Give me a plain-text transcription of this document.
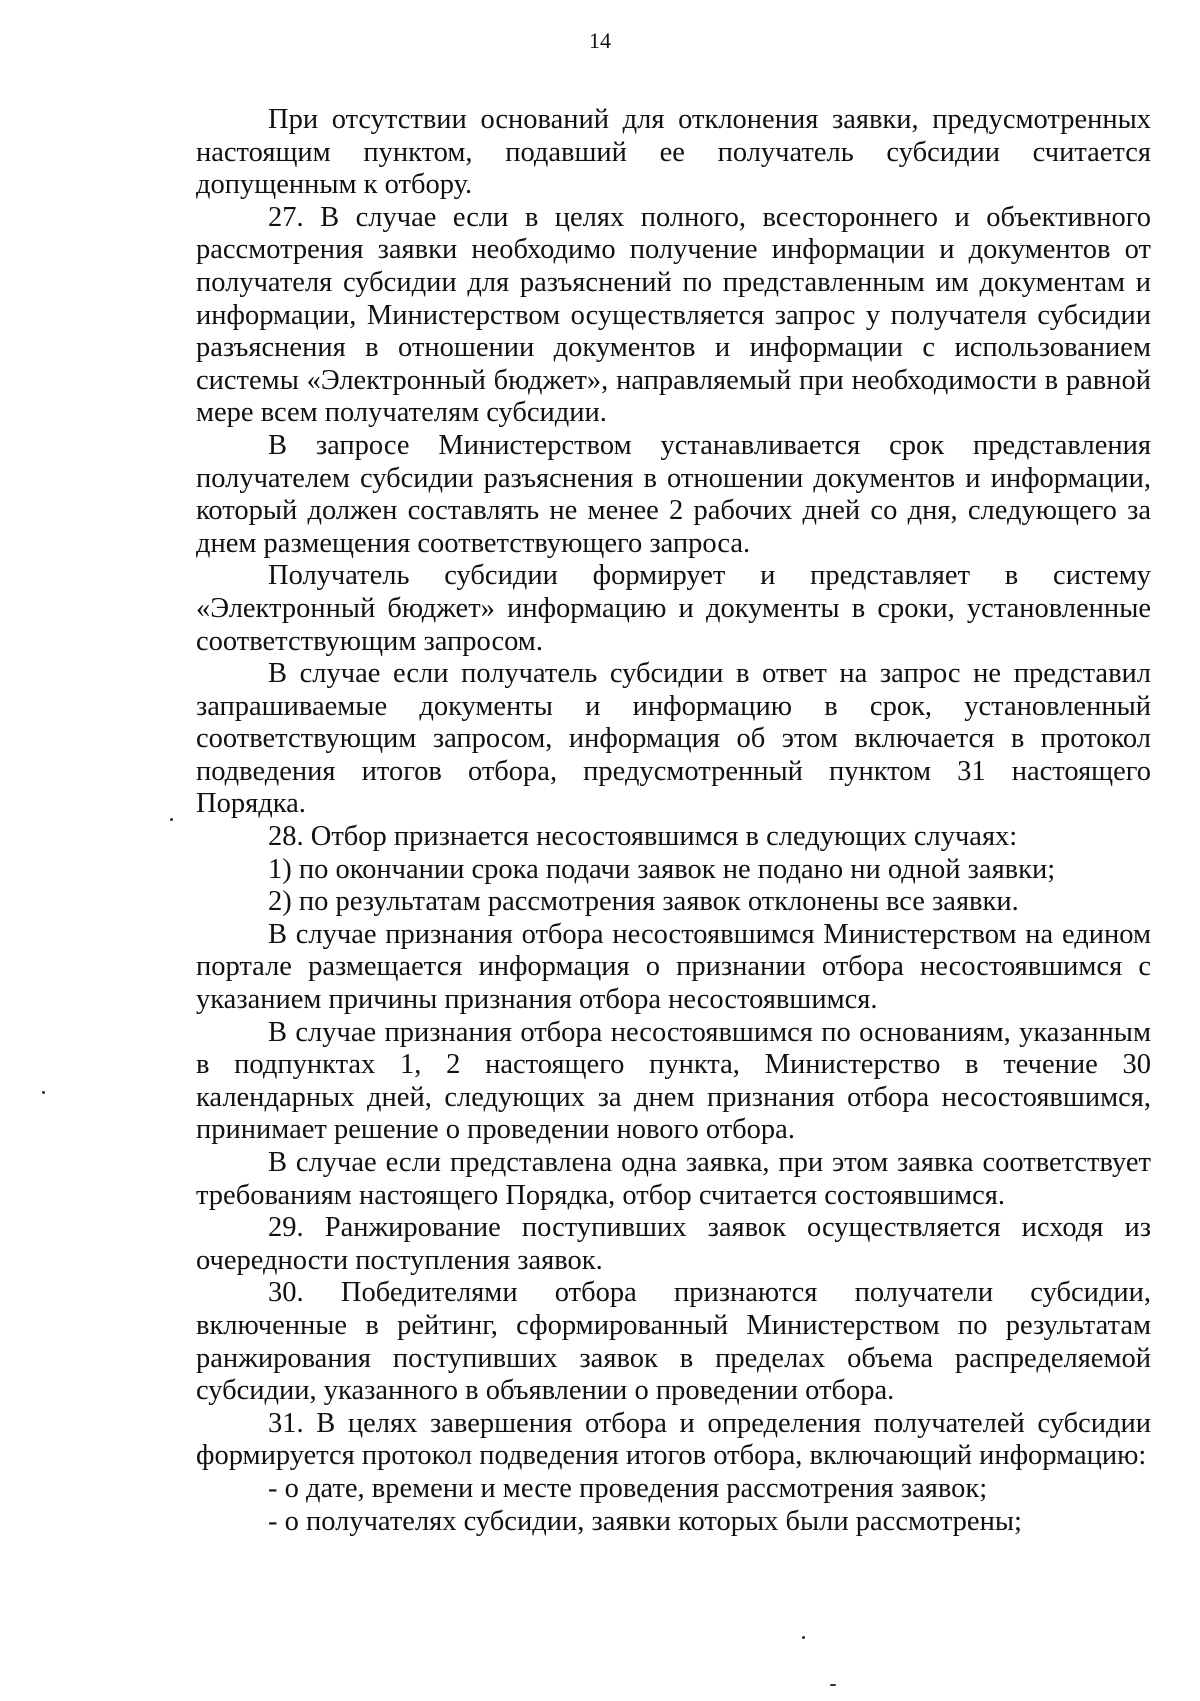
14

При отсутствии оснований для отклонения заявки, предусмотренных настоящим пунктом, подавший ее получатель субсидии считается допущенным к отбору.

27. В случае если в целях полного, всестороннего и объективного рассмотрения заявки необходимо получение информации и документов от получателя субсидии для разъяснений по представленным им документам и информации, Министерством осуществляется запрос у получателя субсидии разъяснения в отношении документов и информации с использованием системы «Электронный бюджет», направляемый при необходимости в равной мере всем получателям субсидии.

В запросе Министерством устанавливается срок представления получателем субсидии разъяснения в отношении документов и информации, который должен составлять не менее 2 рабочих дней со дня, следующего за днем размещения соответствующего запроса.

Получатель субсидии формирует и представляет в систему «Электронный бюджет» информацию и документы в сроки, установленные соответствующим запросом.

В случае если получатель субсидии в ответ на запрос не представил запрашиваемые документы и информацию в срок, установленный соответствующим запросом, информация об этом включается в протокол подведения итогов отбора, предусмотренный пунктом 31 настоящего Порядка.

28. Отбор признается несостоявшимся в следующих случаях:

1) по окончании срока подачи заявок не подано ни одной заявки;

2) по результатам рассмотрения заявок отклонены все заявки.

В случае признания отбора несостоявшимся Министерством на едином портале размещается информация о признании отбора несостоявшимся с указанием причины признания отбора несостоявшимся.

В случае признания отбора несостоявшимся по основаниям, указанным в подпунктах 1, 2 настоящего пункта, Министерство в течение 30 календарных дней, следующих за днем признания отбора несостоявшимся, принимает решение о проведении нового отбора.

В случае если представлена одна заявка, при этом заявка соответствует требованиям настоящего Порядка, отбор считается состоявшимся.

29. Ранжирование поступивших заявок осуществляется исходя из очередности поступления заявок.

30. Победителями отбора признаются получатели субсидии, включенные в рейтинг, сформированный Министерством по результатам ранжирования поступивших заявок в пределах объема распределяемой субсидии, указанного в объявлении о проведении отбора.

31. В целях завершения отбора и определения получателей субсидии формируется протокол подведения итогов отбора, включающий информацию:

- о дате, времени и месте проведения рассмотрения заявок;

- о получателях субсидии, заявки которых были рассмотрены;
